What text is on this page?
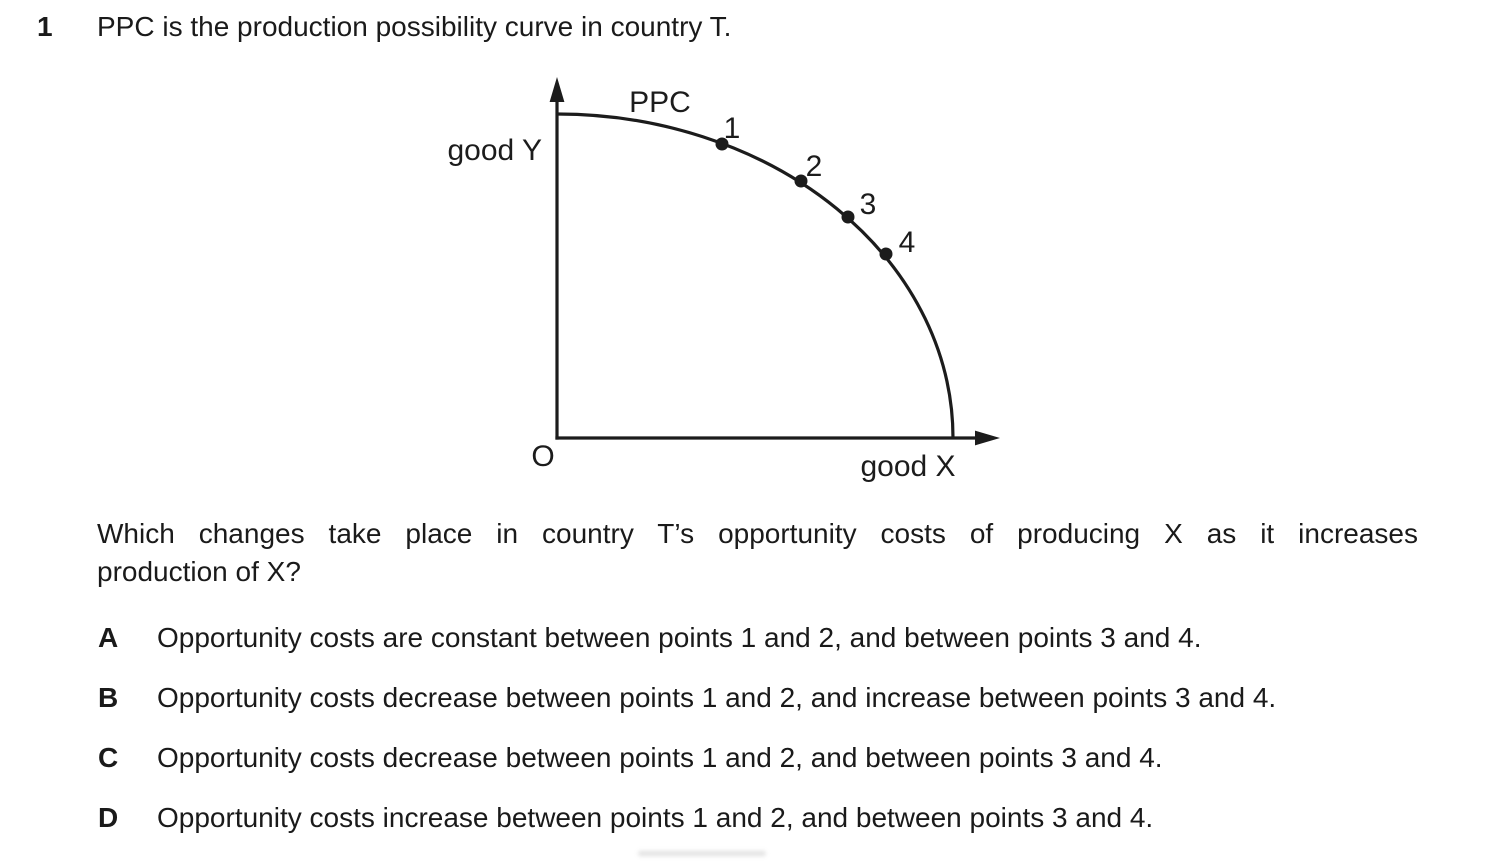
1 PPC is the production possibility curve in country T.
PPC
1
2
3
4
good Y
O	good X
Which changes take place in country T’s opportunity costs of producing X as it increases
production of X?
A	Opportunity costs are constant between points 1 and 2, and between points 3 and 4.
B	Opportunity costs decrease between points 1 and 2, and increase between points 3 and 4.
C	Opportunity costs decrease between points 1 and 2, and between points 3 and 4.
D	Opportunity costs increase between points 1 and 2, and between points 3 and 4.
